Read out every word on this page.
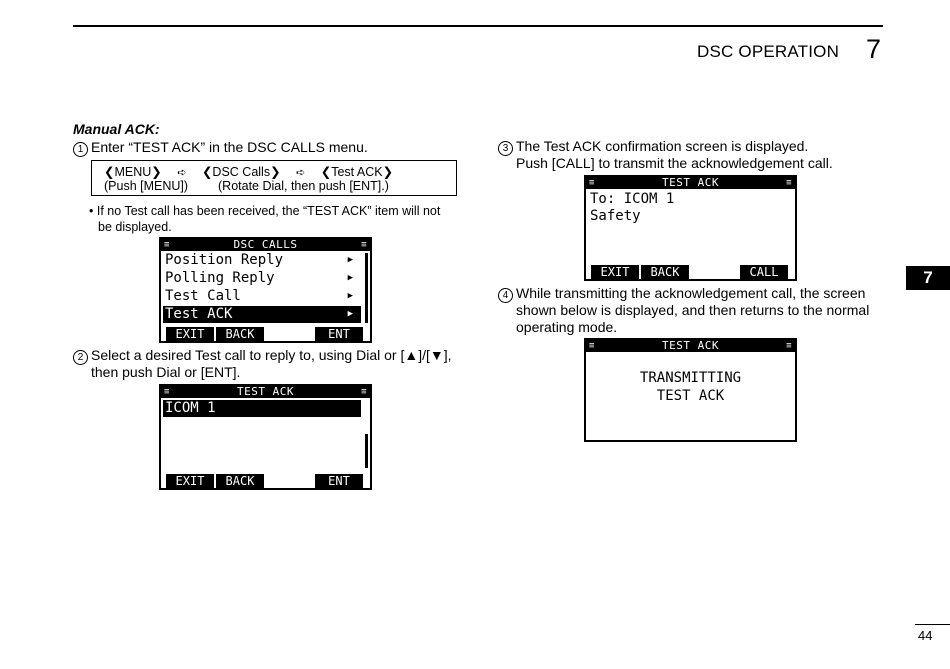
DSC OPERATION 7
7
44
Manual ACK:
1 Enter “TEST ACK” in the DSC CALLS menu.
❮MENU❯ ➪ ❮DSC Calls❯ ➪ ❮Test ACK❯
(Push [MENU]) (Rotate Dial, then push [ENT].)
• If no Test call has been received, the “TEST ACK” item will not
be displayed.
≡	DSC CALLS	≡
Position Reply	▶
Polling Reply	▶
Test Call	▶
Test ACK	▶
EXIT	BACK	ENT
2 Select a desired Test call to reply to, using Dial or [▲]/[▼],
then push Dial or [ENT].
≡	TEST ACK	≡
ICOM 1
EXIT	BACK	ENT
3 The Test ACK confirmation screen is displayed.
Push [CALL] to transmit the acknowledgement call.
≡	TEST ACK	≡
To: ICOM 1
Safety
EXIT	BACK	CALL
4 While transmitting the acknowledgement call, the screen
shown below is displayed, and then returns to the normal
operating mode.
≡	TEST ACK	≡
TRANSMITTING
TEST ACK
